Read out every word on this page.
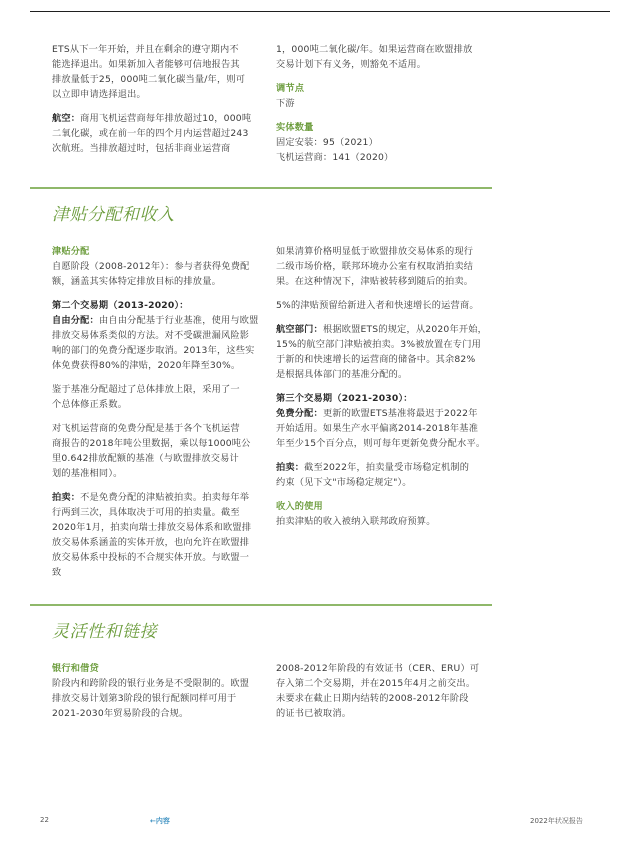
ETS从下一年开始，并且在剩余的遵守期内不
能选择退出。如果新加入者能够可信地报告其
排放量低于25，000吨二氧化碳当量/年，则可
以立即申请选择退出。

航空：商用飞机运营商每年排放超过10，000吨
二氧化碳，或在前一年的四个月内运营超过243
次航班。当排放超过时，包括非商业运营商

1，000吨二氧化碳/年。如果运营商在欧盟排放
交易计划下有义务，则豁免不适用。

调节点

下游

实体数量

固定安装：95（2021）
飞机运营商：141（2020）

津贴分配和收入

津贴分配

自愿阶段（2008-2012年）：参与者获得免费配
额，涵盖其实体特定排放目标的排放量。

第二个交易期（2013-2020）：

自由分配：由自由分配基于行业基准，使用与欧盟
排放交易体系类似的方法。对不受碳泄漏风险影
响的部门的免费分配逐步取消。2013年，这些实
体免费获得80%的津贴，2020年降至30%。

鉴于基准分配超过了总体排放上限，采用了一
个总体修正系数。

对飞机运营商的免费分配是基于各个飞机运营
商报告的2018年吨公里数据，乘以每1000吨公
里0.642排放配额的基准（与欧盟排放交易计
划的基准相同）。

拍卖：不是免费分配的津贴被拍卖。拍卖每年举
行两到三次，具体取决于可用的拍卖量。截至
2020年1月，拍卖向瑞士排放交易体系和欧盟排
放交易体系涵盖的实体开放，也向允许在欧盟排
放交易体系中投标的不合规实体开放。与欧盟一
致

如果清算价格明显低于欧盟排放交易体系的现行
二级市场价格，联邦环境办公室有权取消拍卖结
果。在这种情况下，津贴被转移到随后的拍卖。

5%的津贴预留给新进入者和快速增长的运营商。

航空部门：根据欧盟ETS的规定，从2020年开始，
15%的航空部门津贴被拍卖。3%被放置在专门用
于新的和快速增长的运营商的储备中。其余82%
是根据具体部门的基准分配的。

第三个交易期（2021-2030）：

免费分配：更新的欧盟ETS基准将最迟于2022年
开始适用。如果生产水平偏离2014-2018年基准
年至少15个百分点，则可每年更新免费分配水平。

拍卖：截至2022年，拍卖量受市场稳定机制的
约束（见下文"市场稳定规定"）。

收入的使用

拍卖津贴的收入被纳入联邦政府预算。

灵活性和链接

银行和借贷

阶段内和跨阶段的银行业务是不受限制的。欧盟
排放交易计划第3阶段的银行配额同样可用于
2021-2030年贸易阶段的合规。

2008-2012年阶段的有效证书（CER、ERU）可
存入第二个交易期，并在2015年4月之前交出。
未要求在截止日期内结转的2008-2012年阶段
的证书已被取消。

22	←内容	2022年状况报告
